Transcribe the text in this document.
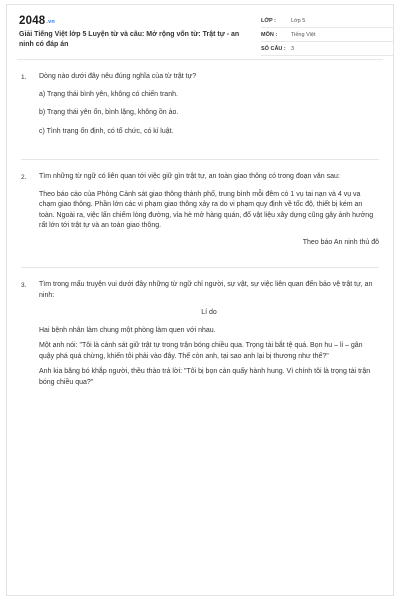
2048.vn
Giải Tiếng Việt lớp 5 Luyện từ và câu: Mở rộng vốn từ: Trật tự - an ninh có đáp án
LỚP :	Lớp 5
MÔN :	Tiếng Việt
SỐ CÂU : 3
1.	Dòng nào dưới đây nêu đúng nghĩa của từ trật tự?

a) Trạng thái bình yên, không có chiến tranh.

b) Trạng thái yên ổn, bình lặng, không ồn ào.

c) Tình trạng ổn định, có tổ chức, có kỉ luật.

2.	Tìm những từ ngữ có liên quan tới việc giữ gìn trật tự, an toàn giao thông có trong đoạn văn sau:

Theo báo cáo của Phòng Cảnh sát giao thông thành phố, trung bình mỗi đêm có 1 vụ tai nạn và 4 vụ va chạm giao thông. Phần lớn các vi phạm giao thông xảy ra do vi phạm quy định về tốc độ, thiết bị kém an toàn. Ngoài ra, việc lấn chiếm lòng đường, vỉa hè mở hàng quán, đổ vật liệu xây dựng cũng gây ảnh hưởng rất lớn tới trật tự và an toàn giao thông.

Theo báo An ninh thủ đô

3.	Tìm trong mẩu truyện vui dưới đây những từ ngữ chỉ người, sự vật, sự việc liên quan đến bảo vệ trật tự, an ninh:

Lí do

Hai bệnh nhân làm chung một phòng làm quen với nhau.

Một anh nói: "Tôi là cảnh sát giữ trật tự trong trận bóng chiều qua. Trọng tài bắt tệ quá. Bọn hu – li – gân quậy phá quá chừng, khiến tôi phải vào đây. Thế còn anh, tại sao anh lại bị thương như thế?"

Anh kia băng bó khắp người, thều thào trả lời: "Tôi bị bọn càn quấy hành hung. Vì chính tôi là trọng tài trận bóng chiều qua?"
